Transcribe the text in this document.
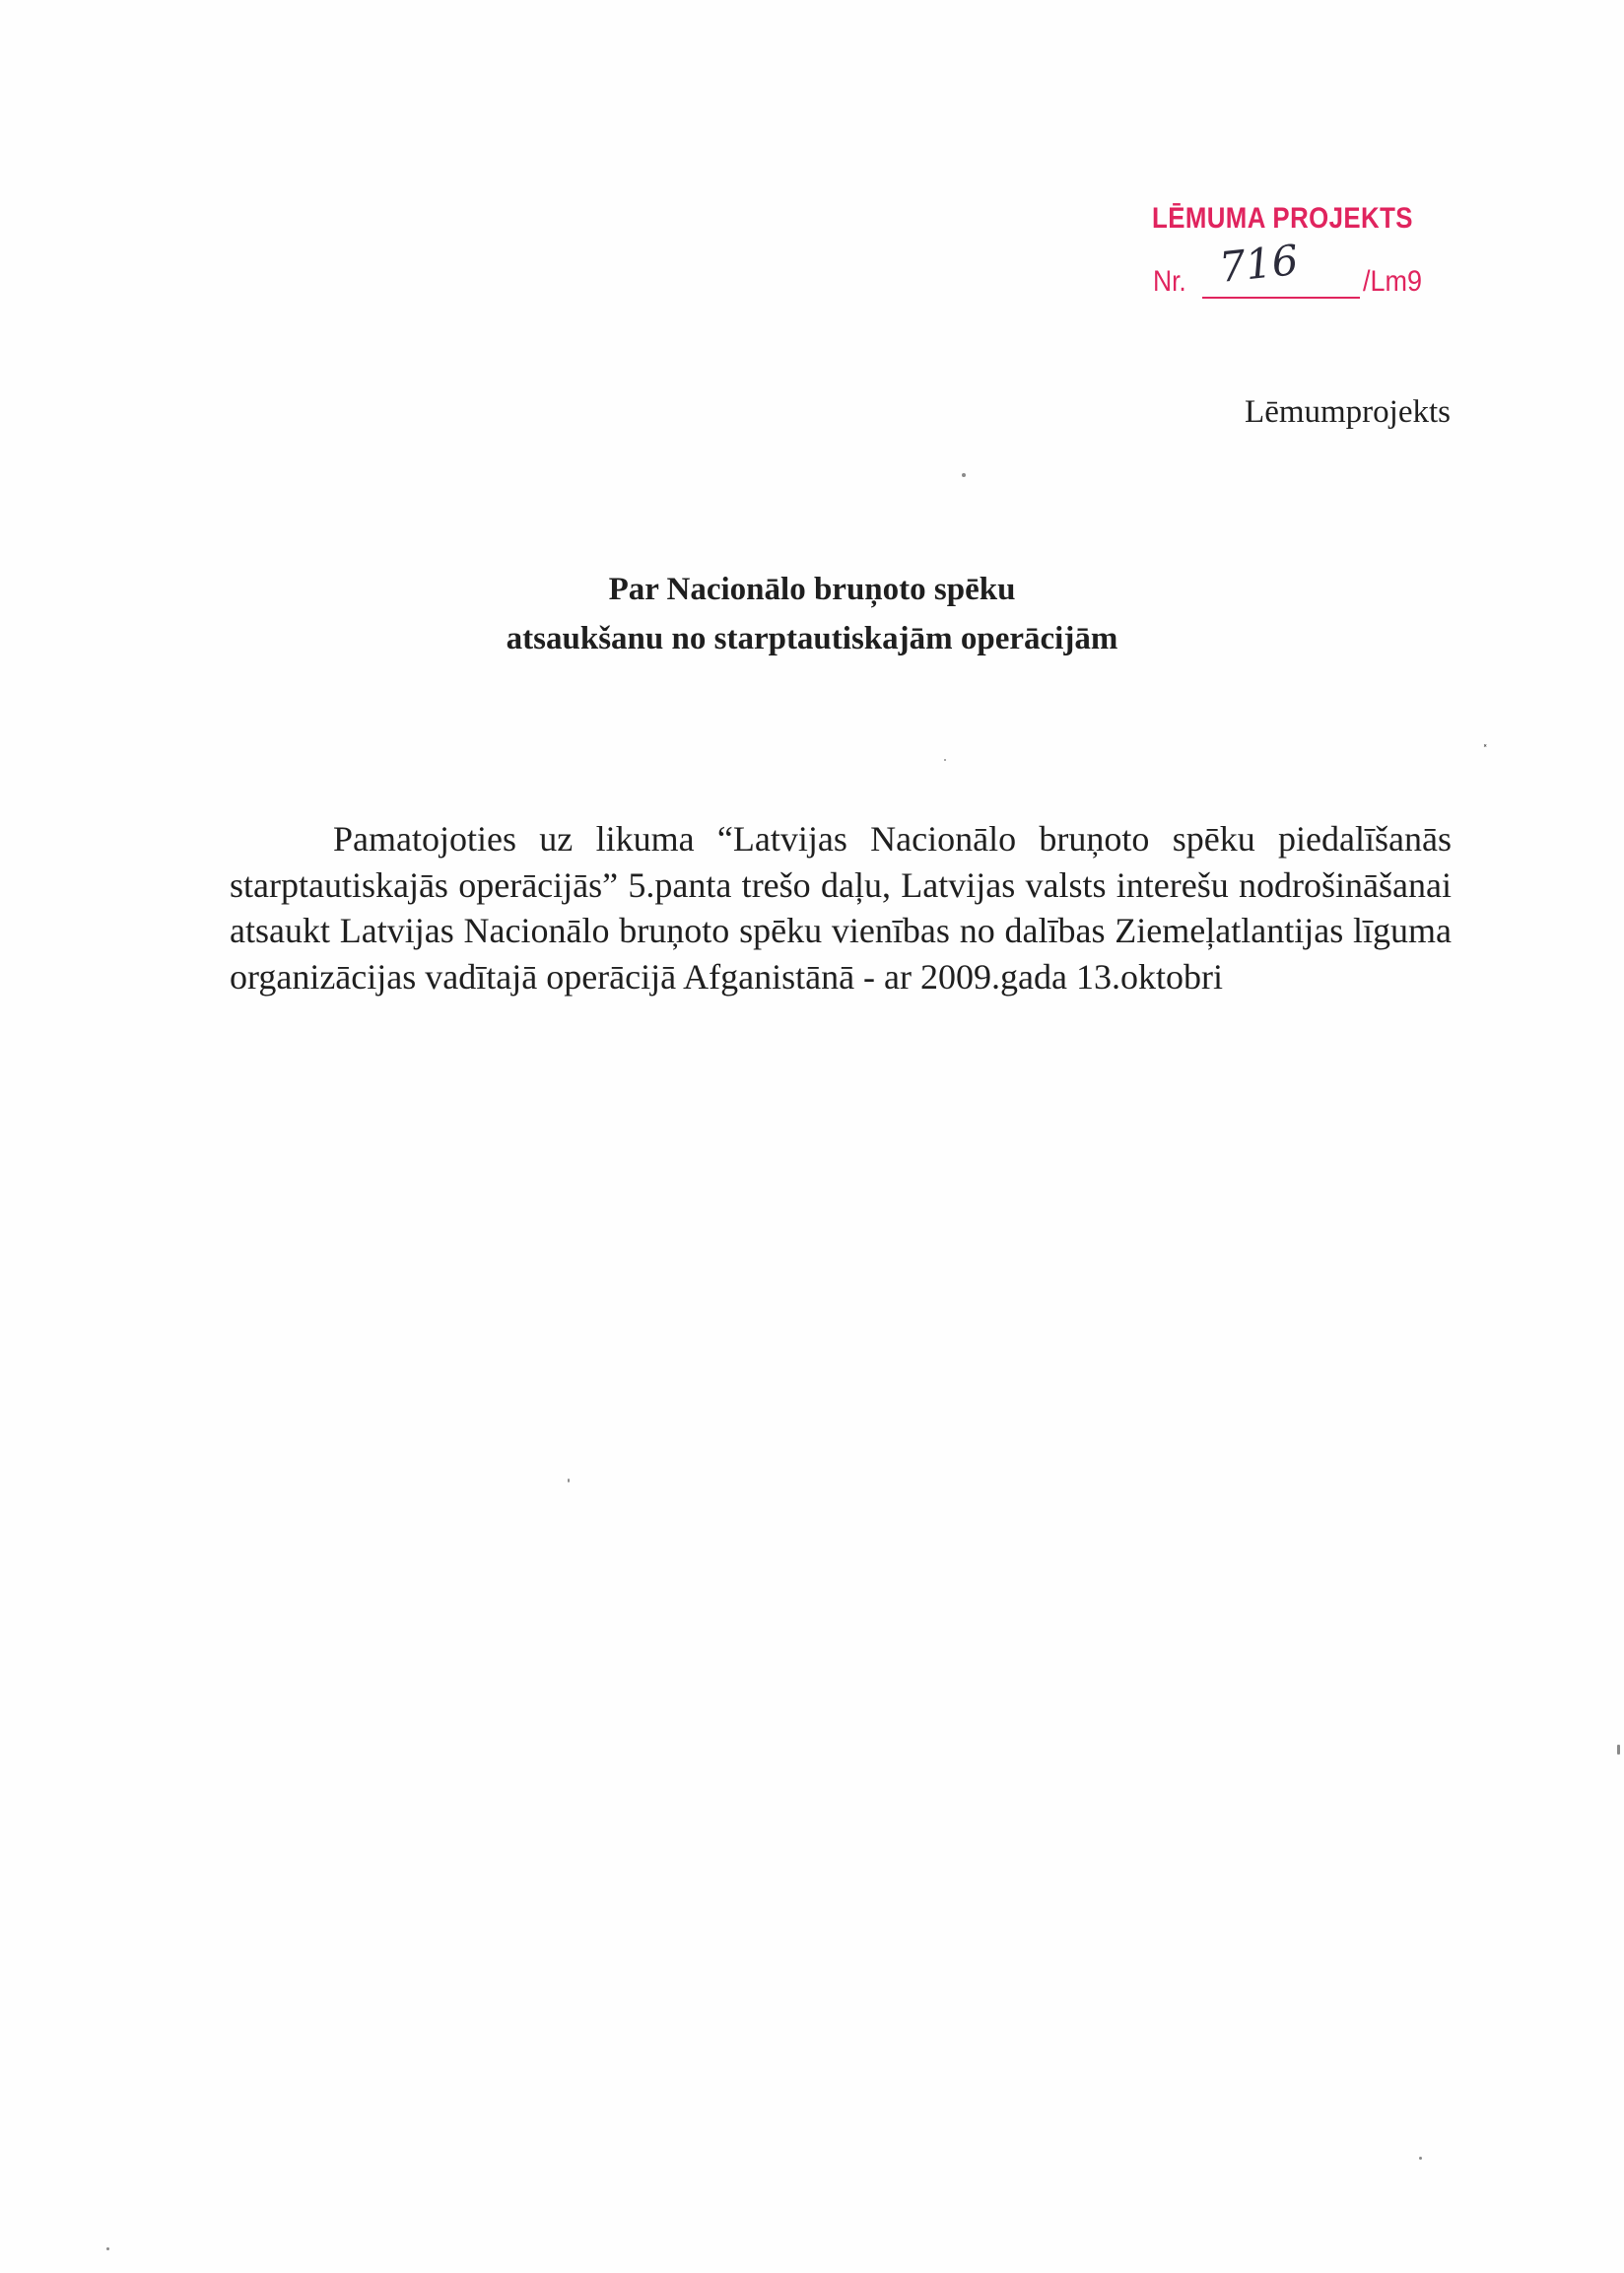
LĒMUMA PROJEKTS
Nr. 716 /Lm9
Lēmumprojekts
Par Nacionālo bruņoto spēku
atsaukšanu no starptautiskajām operācijām

Pamatojoties uz likuma “Latvijas Nacionālo bruņoto spēku piedalīšanās starptautiskajās operācijās” 5.panta trešo daļu, Latvijas valsts interešu nodrošināšanai atsaukt Latvijas Nacionālo bruņoto spēku vienības no dalības Ziemeļatlantijas līguma organizācijas vadītajā operācijā Afganistānā - ar 2009.gada 13.oktobri

⸼
